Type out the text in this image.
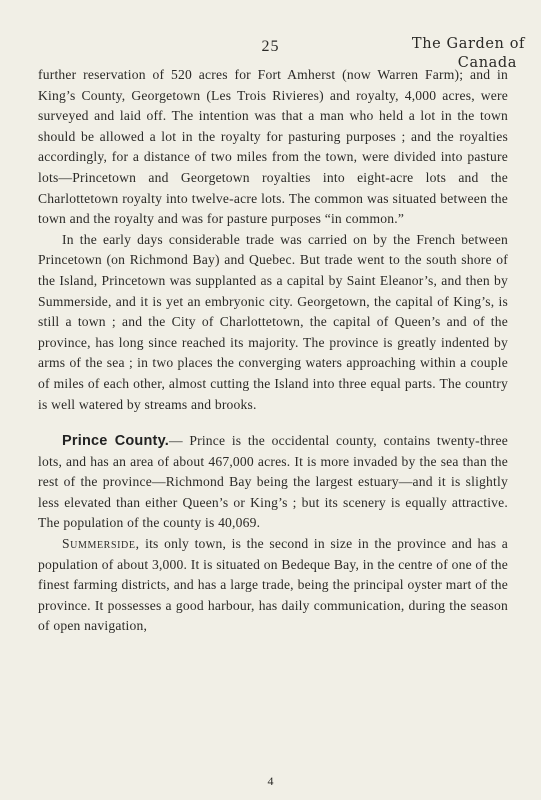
25	The Garden of
Canada

further reservation of 520 acres for Fort Amherst (now Warren Farm); and in King’s County, Georgetown (Les Trois Rivieres) and royalty, 4,000 acres, were surveyed and laid off. The intention was that a man who held a lot in the town should be allowed a lot in the royalty for pasturing purposes ; and the royalties accordingly, for a distance of two miles from the town, were divided into pasture lots—Princetown and Georgetown royalties into eight-acre lots and the Charlottetown royalty into twelve-acre lots. The common was situated between the town and the royalty and was for pasture purposes “in common.”

In the early days considerable trade was carried on by the French between Princetown (on Richmond Bay) and Quebec. But trade went to the south shore of the Island, Princetown was supplanted as a capital by Saint Eleanor’s, and then by Summerside, and it is yet an embryonic city. Georgetown, the capital of King’s, is still a town ; and the City of Charlottetown, the capital of Queen’s and of the province, has long since reached its majority. The province is greatly indented by arms of the sea ; in two places the converging waters approaching within a couple of miles of each other, almost cutting the Island into three equal parts. The country is well watered by streams and brooks.

Prince County.— Prince is the occidental county, contains twenty-three lots, and has an area of about 467,000 acres. It is more invaded by the sea than the rest of the province—Richmond Bay being the largest estuary—and it is slightly less elevated than either Queen’s or King’s ; but its scenery is equally attractive. The population of the county is 40,069.

Summerside, its only town, is the second in size in the province and has a population of about 3,000. It is situated on Bedeque Bay, in the centre of one of the finest farming districts, and has a large trade, being the principal oyster mart of the province. It possesses a good harbour, has daily communication, during the season of open navigation,

4
